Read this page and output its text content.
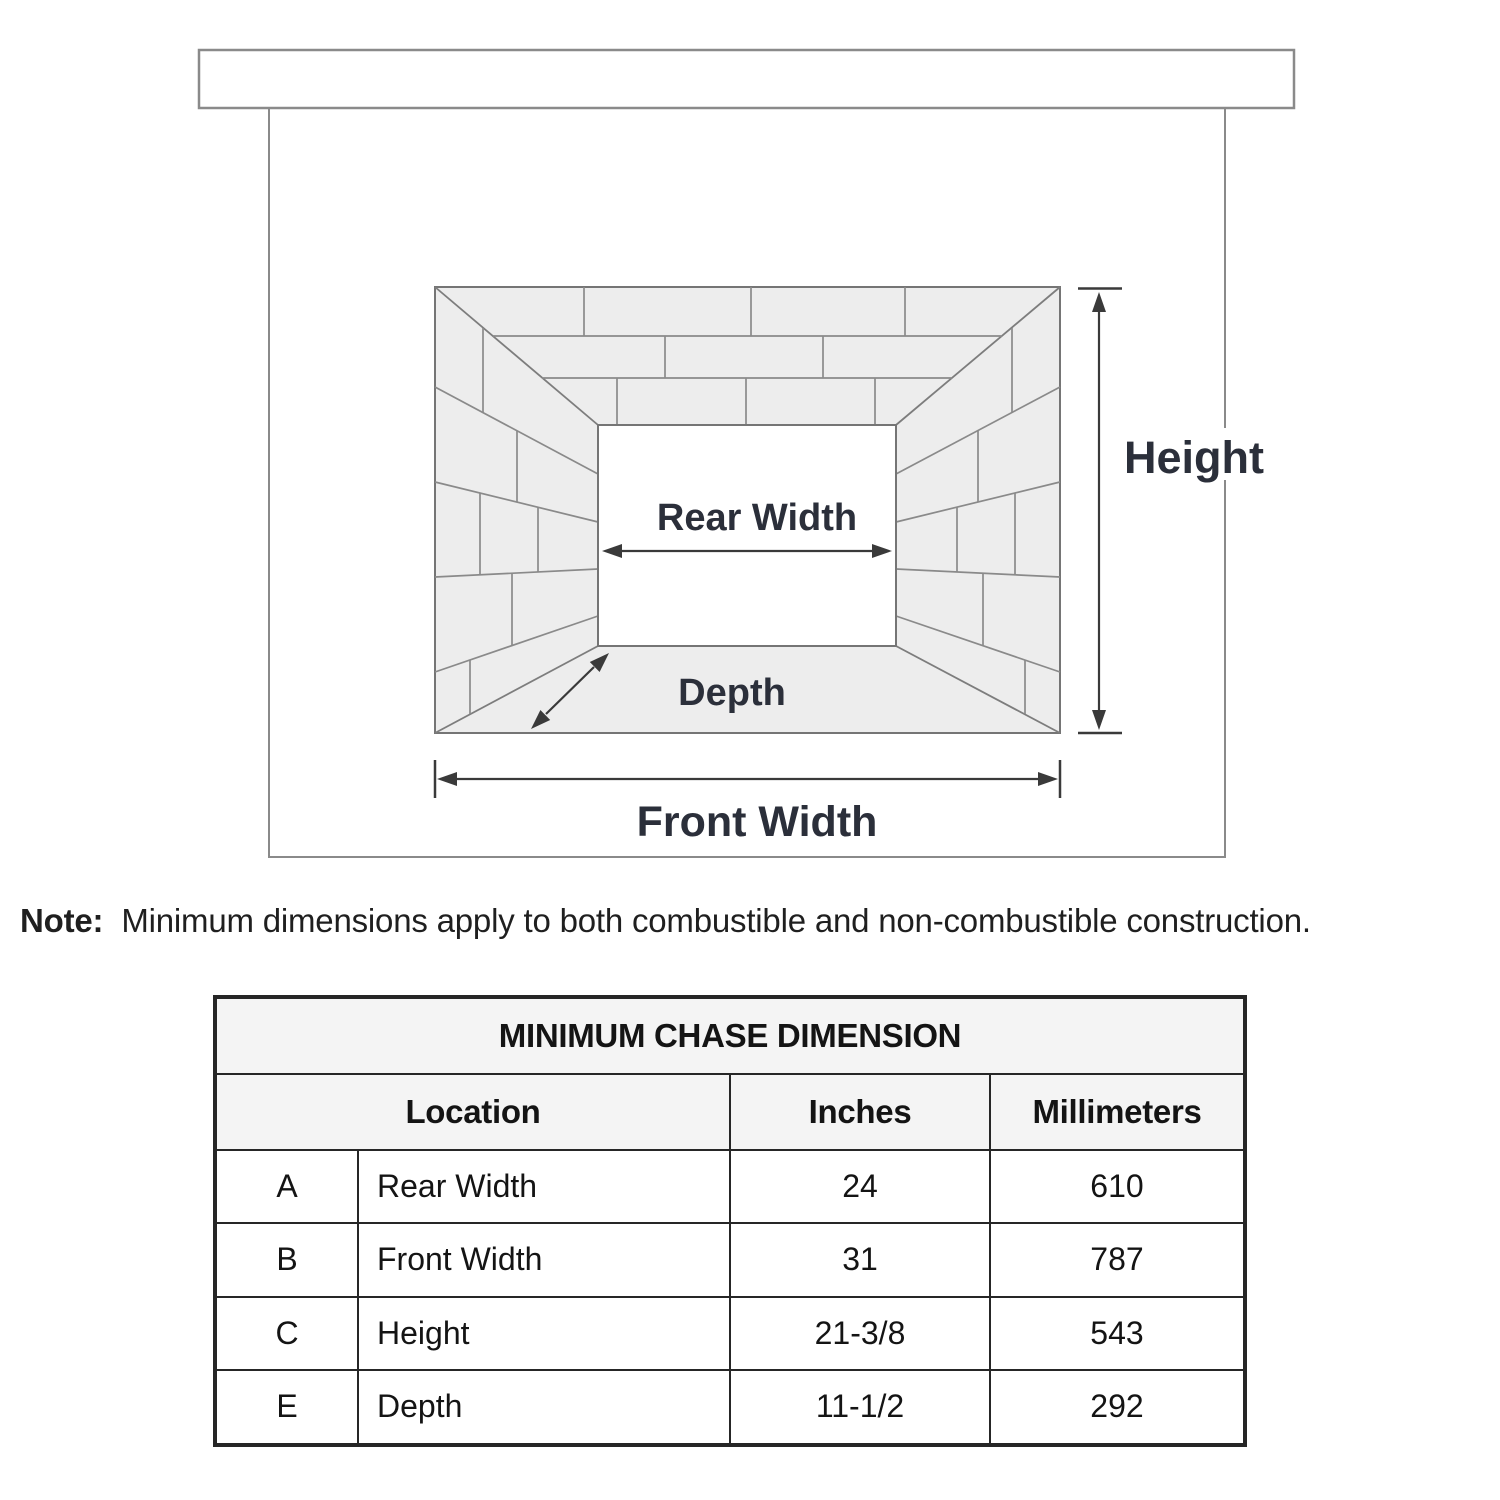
Rear Width
Depth
Height
Front Width
Note: Minimum dimensions apply to both combustible and non-combustible construction.
MINIMUM CHASE DIMENSION			
Location		Inches	Millimeters
A	Rear Width	24	610
B	Front Width	31	787
C	Height	21-3/8	543
E	Depth	11-1/2	292
